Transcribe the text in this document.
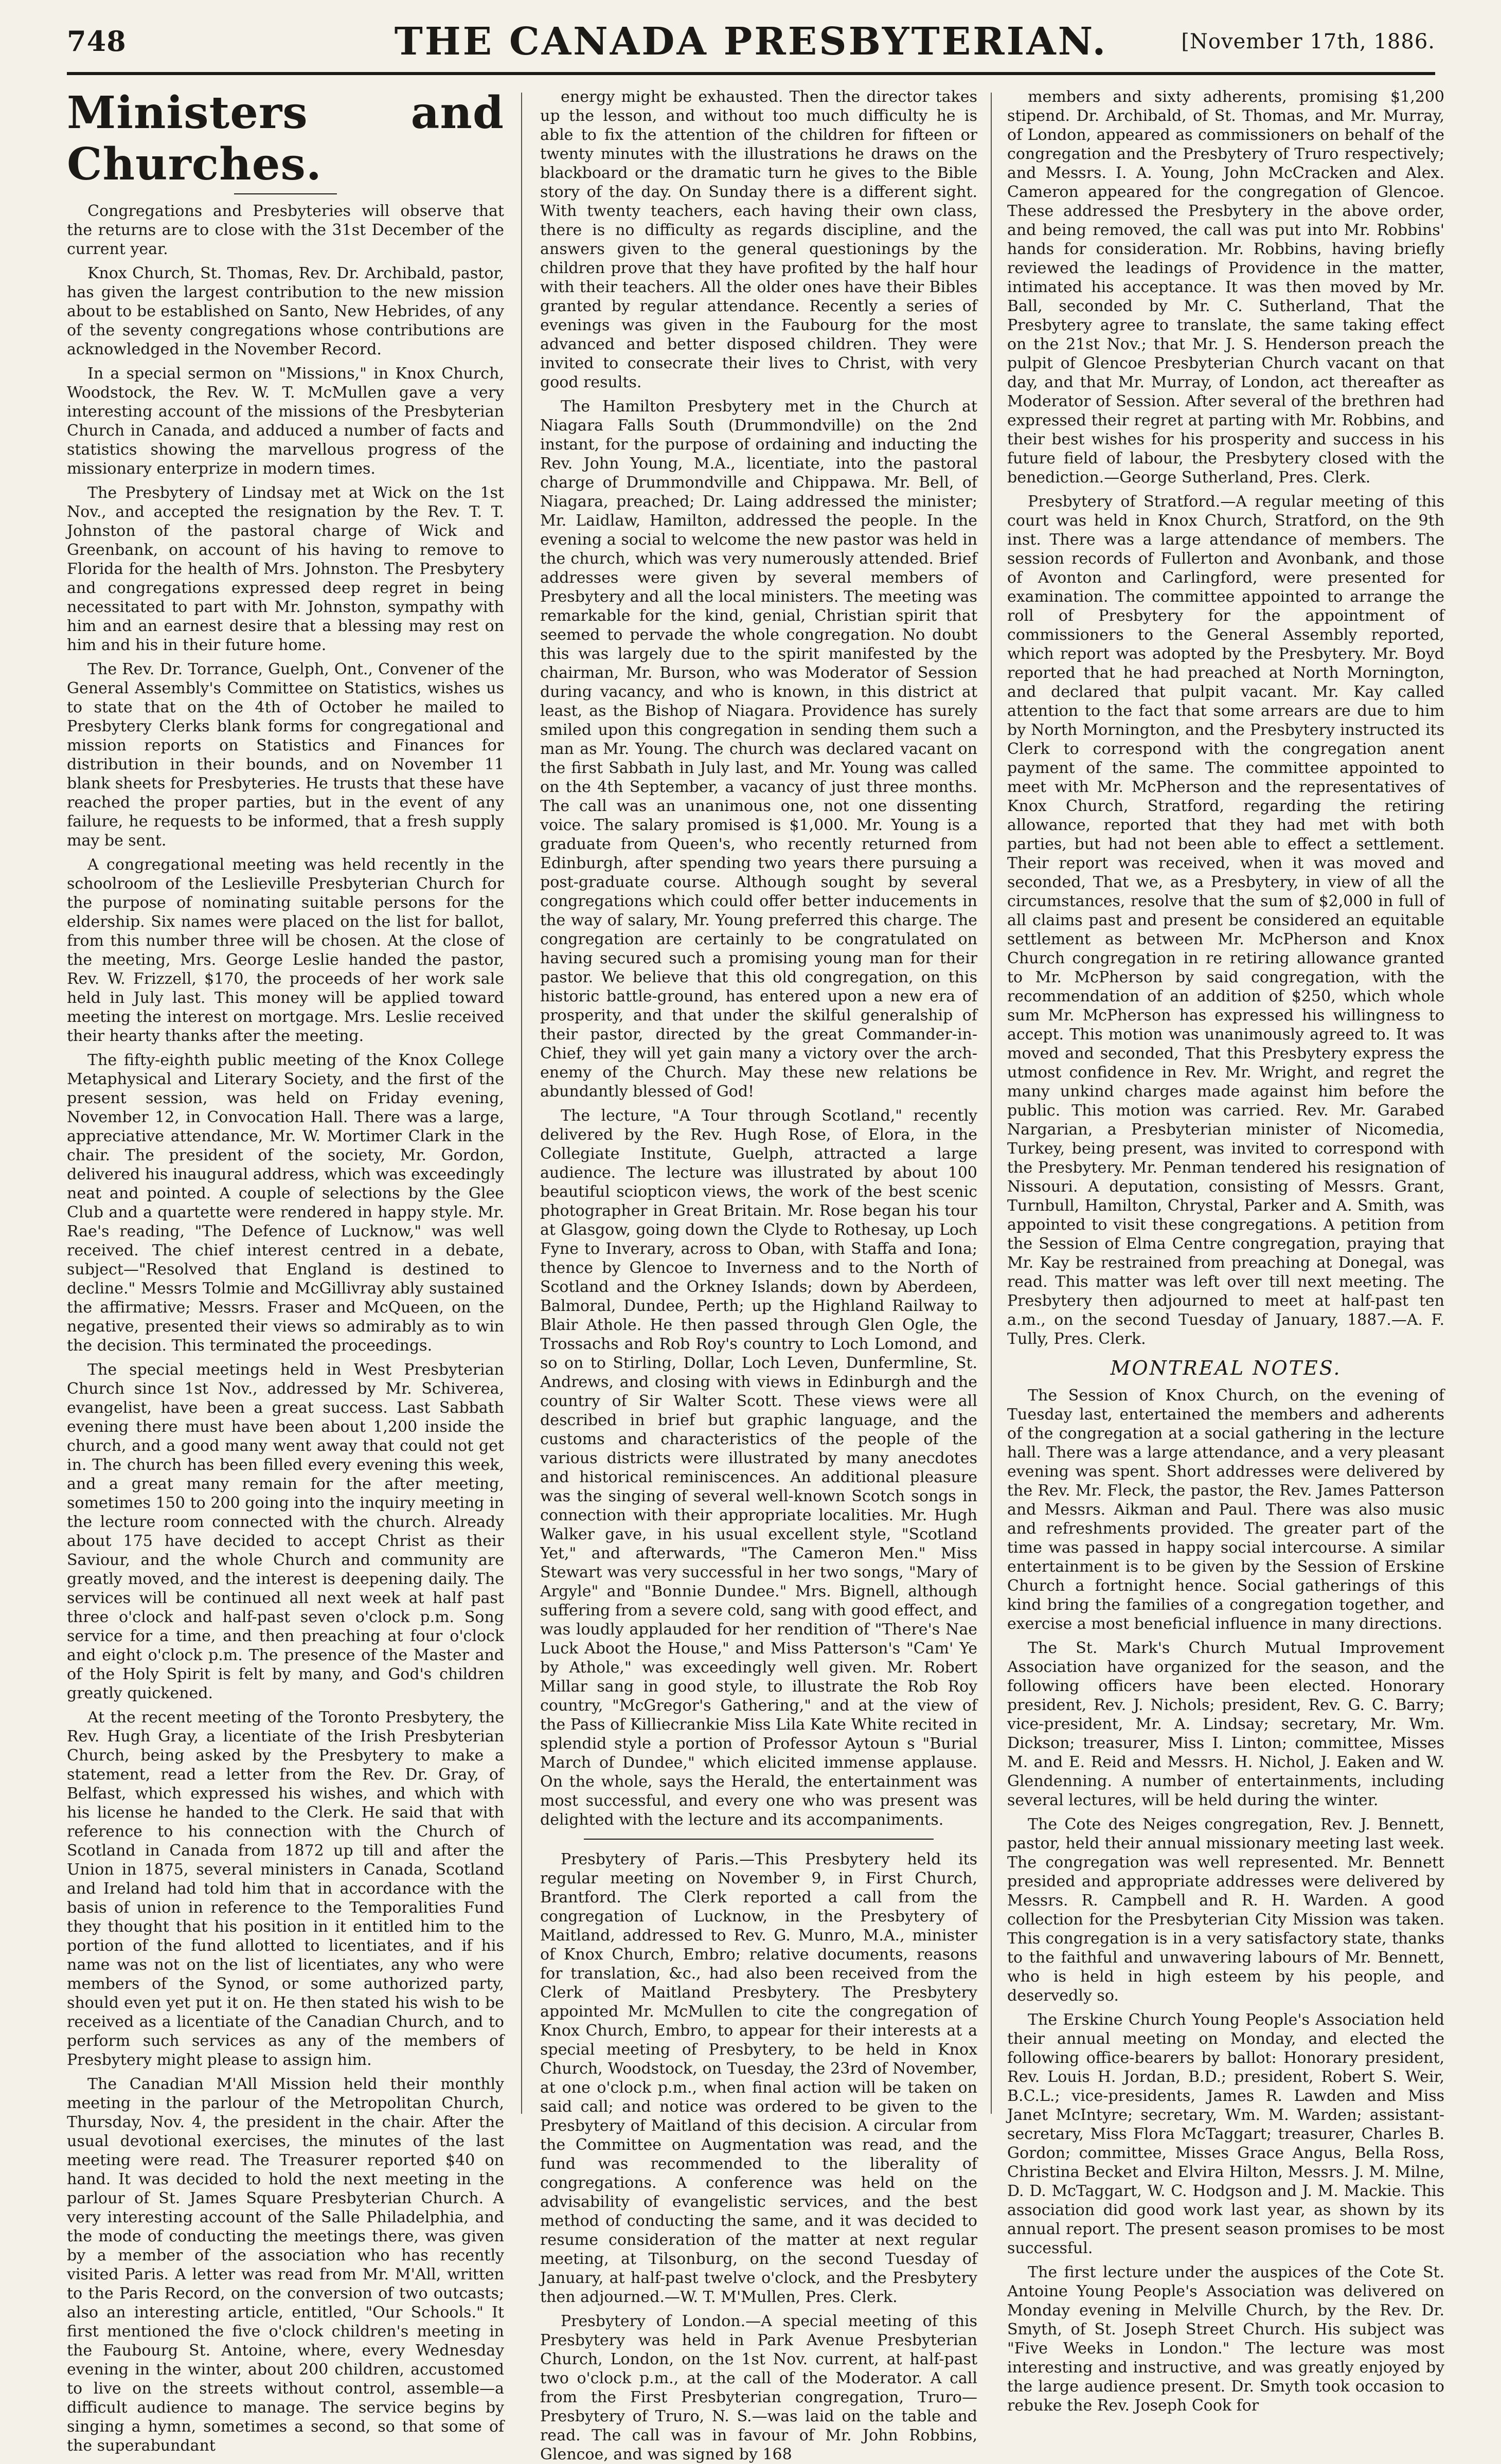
748	THE CANADA PRESBYTERIAN.	[November 17th, 1886.
Ministers and Churches.

Congregations and Presbyteries will observe that the returns are to close with the 31st December of the current year.

Knox Church, St. Thomas, Rev. Dr. Archibald, pastor, has given the largest contribution to the new mission about to be established on Santo, New Hebrides, of any of the seventy congregations whose contributions are acknowledged in the November Record.

In a special sermon on "Missions," in Knox Church, Woodstock, the Rev. W. T. McMullen gave a very interesting account of the missions of the Presbyterian Church in Canada, and adduced a number of facts and statistics showing the marvellous progress of the missionary enterprize in modern times.

The Presbytery of Lindsay met at Wick on the 1st Nov., and accepted the resignation by the Rev. T. T. Johnston of the pastoral charge of Wick and Greenbank, on account of his having to remove to Florida for the health of Mrs. Johnston. The Presbytery and congregations expressed deep regret in being necessitated to part with Mr. Johnston, sympathy with him and an earnest desire that a blessing may rest on him and his in their future home.

The Rev. Dr. Torrance, Guelph, Ont., Convener of the General Assembly's Committee on Statistics, wishes us to state that on the 4th of October he mailed to Presbytery Clerks blank forms for congregational and mission reports on Statistics and Finances for distribution in their bounds, and on November 11 blank sheets for Presbyteries. He trusts that these have reached the proper parties, but in the event of any failure, he requests to be informed, that a fresh supply may be sent.

A congregational meeting was held recently in the schoolroom of the Leslieville Presbyterian Church for the purpose of nominating suitable persons for the eldership. Six names were placed on the list for ballot, from this number three will be chosen. At the close of the meeting, Mrs. George Leslie handed the pastor, Rev. W. Frizzell, $170, the proceeds of her work sale held in July last. This money will be applied toward meeting the interest on mortgage. Mrs. Leslie received their hearty thanks after the meeting.

The fifty-eighth public meeting of the Knox College Metaphysical and Literary Society, and the first of the present session, was held on Friday evening, November 12, in Convocation Hall. There was a large, appreciative attendance, Mr. W. Mortimer Clark in the chair. The president of the society, Mr. Gordon, delivered his inaugural address, which was exceedingly neat and pointed. A couple of selections by the Glee Club and a quartette were rendered in happy style. Mr. Rae's reading, "The Defence of Lucknow," was well received. The chief interest centred in a debate, subject—"Resolved that England is destined to decline." Messrs Tolmie and McGillivray ably sustained the affirmative; Messrs. Fraser and McQueen, on the negative, presented their views so admirably as to win the decision. This terminated the proceedings.

The special meetings held in West Presbyterian Church since 1st Nov., addressed by Mr. Schiverea, evangelist, have been a great success. Last Sabbath evening there must have been about 1,200 inside the church, and a good many went away that could not get in. The church has been filled every evening this week, and a great many remain for the after meeting, sometimes 150 to 200 going into the inquiry meeting in the lecture room connected with the church. Already about 175 have decided to accept Christ as their Saviour, and the whole Church and community are greatly moved, and the interest is deepening daily. The services will be continued all next week at half past three o'clock and half-past seven o'clock p.m. Song service for a time, and then preaching at four o'clock and eight o'clock p.m. The presence of the Master and of the Holy Spirit is felt by many, and God's children greatly quickened.

At the recent meeting of the Toronto Presbytery, the Rev. Hugh Gray, a licentiate of the Irish Presbyterian Church, being asked by the Presbytery to make a statement, read a letter from the Rev. Dr. Gray, of Belfast, which expressed his wishes, and which with his license he handed to the Clerk. He said that with reference to his connection with the Church of Scotland in Canada from 1872 up till and after the Union in 1875, several ministers in Canada, Scotland and Ireland had told him that in accordance with the basis of union in reference to the Temporalities Fund they thought that his position in it entitled him to the portion of the fund allotted to licentiates, and if his name was not on the list of licentiates, any who were members of the Synod, or some authorized party, should even yet put it on. He then stated his wish to be received as a licentiate of the Canadian Church, and to perform such services as any of the members of Presbytery might please to assign him.

The Canadian M'All Mission held their monthly meeting in the parlour of the Metropolitan Church, Thursday, Nov. 4, the president in the chair. After the usual devotional exercises, the minutes of the last meeting were read. The Treasurer reported $40 on hand. It was decided to hold the next meeting in the parlour of St. James Square Presbyterian Church. A very interesting account of the Salle Philadelphia, and the mode of conducting the meetings there, was given by a member of the association who has recently visited Paris. A letter was read from Mr. M'All, written to the Paris Record, on the conversion of two outcasts; also an interesting article, entitled, "Our Schools." It first mentioned the five o'clock children's meeting in the Faubourg St. Antoine, where, every Wednesday evening in the winter, about 200 children, accustomed to live on the streets without control, assemble—a difficult audience to manage. The service begins by singing a hymn, sometimes a second, so that some of the superabundant

energy might be exhausted. Then the director takes up the lesson, and without too much difficulty he is able to fix the attention of the children for fifteen or twenty minutes with the illustrations he draws on the blackboard or the dramatic turn he gives to the Bible story of the day. On Sunday there is a different sight. With twenty teachers, each having their own class, there is no difficulty as regards discipline, and the answers given to the general questionings by the children prove that they have profited by the half hour with their teachers. All the older ones have their Bibles granted by regular attendance. Recently a series of evenings was given in the Faubourg for the most advanced and better disposed children. They were invited to consecrate their lives to Christ, with very good results.

The Hamilton Presbytery met in the Church at Niagara Falls South (Drummondville) on the 2nd instant, for the purpose of ordaining and inducting the Rev. John Young, M.A., licentiate, into the pastoral charge of Drummondville and Chippawa. Mr. Bell, of Niagara, preached; Dr. Laing addressed the minister; Mr. Laidlaw, Hamilton, addressed the people. In the evening a social to welcome the new pastor was held in the church, which was very numerously attended. Brief addresses were given by several members of Presbytery and all the local ministers. The meeting was remarkable for the kind, genial, Christian spirit that seemed to pervade the whole congregation. No doubt this was largely due to the spirit manifested by the chairman, Mr. Burson, who was Moderator of Session during vacancy, and who is known, in this district at least, as the Bishop of Niagara. Providence has surely smiled upon this congregation in sending them such a man as Mr. Young. The church was declared vacant on the first Sabbath in July last, and Mr. Young was called on the 4th September, a vacancy of just three months. The call was an unanimous one, not one dissenting voice. The salary promised is $1,000. Mr. Young is a graduate from Queen's, who recently returned from Edinburgh, after spending two years there pursuing a post-graduate course. Although sought by several congregations which could offer better inducements in the way of salary, Mr. Young preferred this charge. The congregation are certainly to be congratulated on having secured such a promising young man for their pastor. We believe that this old congregation, on this historic battle-ground, has entered upon a new era of prosperity, and that under the skilful generalship of their pastor, directed by the great Commander-in-Chief, they will yet gain many a victory over the arch-enemy of the Church. May these new relations be abundantly blessed of God!

The lecture, "A Tour through Scotland," recently delivered by the Rev. Hugh Rose, of Elora, in the Collegiate Institute, Guelph, attracted a large audience. The lecture was illustrated by about 100 beautiful sciopticon views, the work of the best scenic photographer in Great Britain. Mr. Rose began his tour at Glasgow, going down the Clyde to Rothesay, up Loch Fyne to Inverary, across to Oban, with Staffa and Iona; thence by Glencoe to Inverness and to the North of Scotland and the Orkney Islands; down by Aberdeen, Balmoral, Dundee, Perth; up the Highland Railway to Blair Athole. He then passed through Glen Ogle, the Trossachs and Rob Roy's country to Loch Lomond, and so on to Stirling, Dollar, Loch Leven, Dunfermline, St. Andrews, and closing with views in Edinburgh and the country of Sir Walter Scott. These views were all described in brief but graphic language, and the customs and characteristics of the people of the various districts were illustrated by many anecdotes and historical reminiscences. An additional pleasure was the singing of several well-known Scotch songs in connection with their appropriate localities. Mr. Hugh Walker gave, in his usual excellent style, "Scotland Yet," and afterwards, "The Cameron Men." Miss Stewart was very successful in her two songs, "Mary of Argyle" and "Bonnie Dundee." Mrs. Bignell, although suffering from a severe cold, sang with good effect, and was loudly applauded for her rendition of "There's Nae Luck Aboot the House," and Miss Patterson's "Cam' Ye by Athole," was exceedingly well given. Mr. Robert Millar sang in good style, to illustrate the Rob Roy country, "McGregor's Gathering," and at the view of the Pass of Killiecrankie Miss Lila Kate White recited in splendid style a portion of Professor Aytoun s "Burial March of Dundee," which elicited immense applause. On the whole, says the Herald, the entertainment was most successful, and every one who was present was delighted with the lecture and its accompaniments.

Presbytery of Paris.—This Presbytery held its regular meeting on November 9, in First Church, Brantford. The Clerk reported a call from the congregation of Lucknow, in the Presbytery of Maitland, addressed to Rev. G. Munro, M.A., minister of Knox Church, Embro; relative documents, reasons for translation, &c., had also been received from the Clerk of Maitland Presbytery. The Presbytery appointed Mr. McMullen to cite the congregation of Knox Church, Embro, to appear for their interests at a special meeting of Presbytery, to be held in Knox Church, Woodstock, on Tuesday, the 23rd of November, at one o'clock p.m., when final action will be taken on said call; and notice was ordered to be given to the Presbytery of Maitland of this decision. A circular from the Committee on Augmentation was read, and the fund was recommended to the liberality of congregations. A conference was held on the advisability of evangelistic services, and the best method of conducting the same, and it was decided to resume consideration of the matter at next regular meeting, at Tilsonburg, on the second Tuesday of January, at half-past twelve o'clock, and the Presbytery then adjourned.—W. T. M'Mullen, Pres. Clerk.

Presbytery of London.—A special meeting of this Presbytery was held in Park Avenue Presbyterian Church, London, on the 1st Nov. current, at half-past two o'clock p.m., at the call of the Moderator. A call from the First Presbyterian congregation, Truro—Presbytery of Truro, N. S.—was laid on the table and read. The call was in favour of Mr. John Robbins, Glencoe, and was signed by 168

members and sixty adherents, promising $1,200 stipend. Dr. Archibald, of St. Thomas, and Mr. Murray, of London, appeared as commissioners on behalf of the congregation and the Presbytery of Truro respectively; and Messrs. I. A. Young, John McCracken and Alex. Cameron appeared for the congregation of Glencoe. These addressed the Presbytery in the above order, and being removed, the call was put into Mr. Robbins' hands for consideration. Mr. Robbins, having briefly reviewed the leadings of Providence in the matter, intimated his acceptance. It was then moved by Mr. Ball, seconded by Mr. C. Sutherland, That the Presbytery agree to translate, the same taking effect on the 21st Nov.; that Mr. J. S. Henderson preach the pulpit of Glencoe Presbyterian Church vacant on that day, and that Mr. Murray, of London, act thereafter as Moderator of Session. After several of the brethren had expressed their regret at parting with Mr. Robbins, and their best wishes for his prosperity and success in his future field of labour, the Presbytery closed with the benediction.—George Sutherland, Pres. Clerk.

Presbytery of Stratford.—A regular meeting of this court was held in Knox Church, Stratford, on the 9th inst. There was a large attendance of members. The session records of Fullerton and Avonbank, and those of Avonton and Carlingford, were presented for examination. The committee appointed to arrange the roll of Presbytery for the appointment of commissioners to the General Assembly reported, which report was adopted by the Presbytery. Mr. Boyd reported that he had preached at North Mornington, and declared that pulpit vacant. Mr. Kay called attention to the fact that some arrears are due to him by North Mornington, and the Presbytery instructed its Clerk to correspond with the congregation anent payment of the same. The committee appointed to meet with Mr. McPherson and the representatives of Knox Church, Stratford, regarding the retiring allowance, reported that they had met with both parties, but had not been able to effect a settlement. Their report was received, when it was moved and seconded, That we, as a Presbytery, in view of all the circumstances, resolve that the sum of $2,000 in full of all claims past and present be considered an equitable settlement as between Mr. McPherson and Knox Church congregation in re retiring allowance granted to Mr. McPherson by said congregation, with the recommendation of an addition of $250, which whole sum Mr. McPherson has expressed his willingness to accept. This motion was unanimously agreed to. It was moved and seconded, That this Presbytery express the utmost confidence in Rev. Mr. Wright, and regret the many unkind charges made against him before the public. This motion was carried. Rev. Mr. Garabed Nargarian, a Presbyterian minister of Nicomedia, Turkey, being present, was invited to correspond with the Presbytery. Mr. Penman tendered his resignation of Nissouri. A deputation, consisting of Messrs. Grant, Turnbull, Hamilton, Chrystal, Parker and A. Smith, was appointed to visit these congregations. A petition from the Session of Elma Centre congregation, praying that Mr. Kay be restrained from preaching at Donegal, was read. This matter was left over till next meeting. The Presbytery then adjourned to meet at half-past ten a.m., on the second Tuesday of January, 1887.—A. F. Tully, Pres. Clerk.

MONTREAL NOTES.

The Session of Knox Church, on the evening of Tuesday last, entertained the members and adherents of the congregation at a social gathering in the lecture hall. There was a large attendance, and a very pleasant evening was spent. Short addresses were delivered by the Rev. Mr. Fleck, the pastor, the Rev. James Patterson and Messrs. Aikman and Paul. There was also music and refreshments provided. The greater part of the time was passed in happy social intercourse. A similar entertainment is to be given by the Session of Erskine Church a fortnight hence. Social gatherings of this kind bring the families of a congregation together, and exercise a most beneficial influence in many directions.

The St. Mark's Church Mutual Improvement Association have organized for the season, and the following officers have been elected. Honorary president, Rev. J. Nichols; president, Rev. G. C. Barry; vice-president, Mr. A. Lindsay; secretary, Mr. Wm. Dickson; treasurer, Miss I. Linton; committee, Misses M. and E. Reid and Messrs. H. Nichol, J. Eaken and W. Glendenning. A number of entertainments, including several lectures, will be held during the winter.

The Cote des Neiges congregation, Rev. J. Bennett, pastor, held their annual missionary meeting last week. The congregation was well represented. Mr. Bennett presided and appropriate addresses were delivered by Messrs. R. Campbell and R. H. Warden. A good collection for the Presbyterian City Mission was taken. This congregation is in a very satisfactory state, thanks to the faithful and unwavering labours of Mr. Bennett, who is held in high esteem by his people, and deservedly so.

The Erskine Church Young People's Association held their annual meeting on Monday, and elected the following office-bearers by ballot: Honorary president, Rev. Louis H. Jordan, B.D.; president, Robert S. Weir, B.C.L.; vice-presidents, James R. Lawden and Miss Janet McIntyre; secretary, Wm. M. Warden; assistant-secretary, Miss Flora McTaggart; treasurer, Charles B. Gordon; committee, Misses Grace Angus, Bella Ross, Christina Becket and Elvira Hilton, Messrs. J. M. Milne, D. D. McTaggart, W. C. Hodgson and J. M. Mackie. This association did good work last year, as shown by its annual report. The present season promises to be most successful.

The first lecture under the auspices of the Cote St. Antoine Young People's Association was delivered on Monday evening in Melville Church, by the Rev. Dr. Smyth, of St. Joseph Street Church. His subject was "Five Weeks in London." The lecture was most interesting and instructive, and was greatly enjoyed by the large audience present. Dr. Smyth took occasion to rebuke the Rev. Joseph Cook for
